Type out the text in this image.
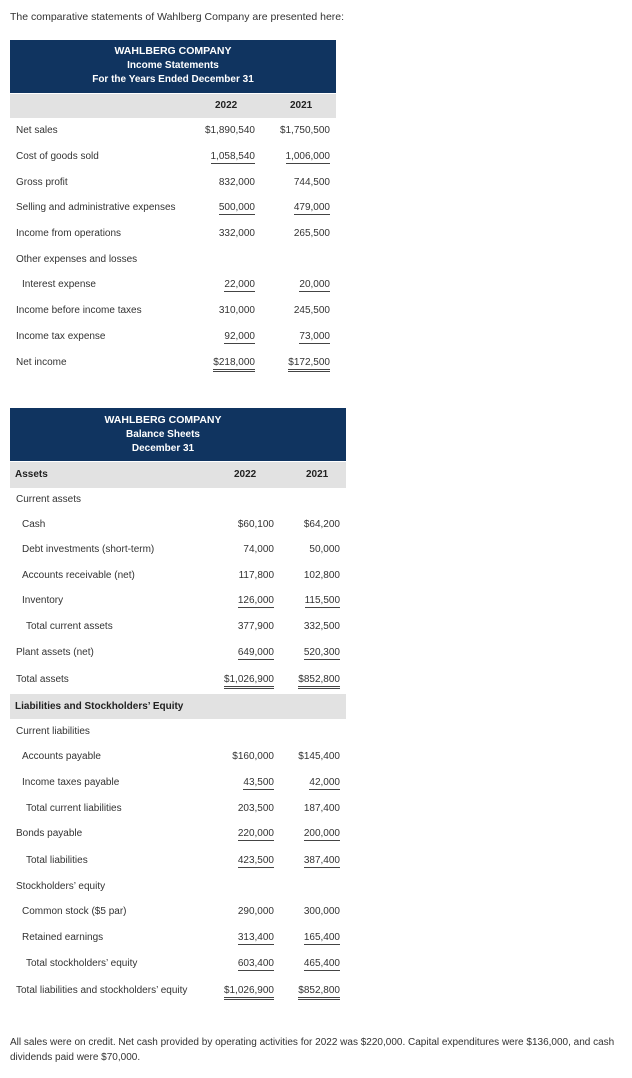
The comparative statements of Wahlberg Company are presented here:
WAHLBERG COMPANY
Income Statements
For the Years Ended December 31
2022	2021
Net sales	$1,890,540 $1,750,500
Cost of goods sold	1,058,540	1,006,000
Gross profit	832,000	744,500
Selling and administrative expenses	500,000	479,000
Income from operations	332,000	265,500
Other expenses and losses
Interest expense	22,000	20,000
Income before income taxes	310,000	245,500
Income tax expense	92,000	73,000
Net income	$218,000	$172,500
WAHLBERG COMPANY
Balance Sheets
December 31
Assets	2022	2021
Current assets
Cash	$60,100	$64,200
Debt investments (short-term)	74,000	50,000
Accounts receivable (net)	117,800	102,800
Inventory	126,000	115,500
Total current assets	377,900	332,500
Plant assets (net)	649,000	520,300
Total assets	$1,026,900 $852,800
Liabilities and Stockholders’ Equity
Current liabilities
Accounts payable	$160,000 $145,400
Income taxes payable	43,500	42,000
Total current liabilities	203,500	187,400
Bonds payable	220,000	200,000
Total liabilities	423,500	387,400
Stockholders’ equity
Common stock ($5 par)	290,000	300,000
Retained earnings	313,400	165,400
Total stockholders’ equity	603,400	465,400
Total liabilities and stockholders’ equity	$1,026,900 $852,800
All sales were on credit. Net cash provided by operating activities for 2022 was $220,000. Capital expenditures were $136,000, and cash dividends paid were $70,000.
